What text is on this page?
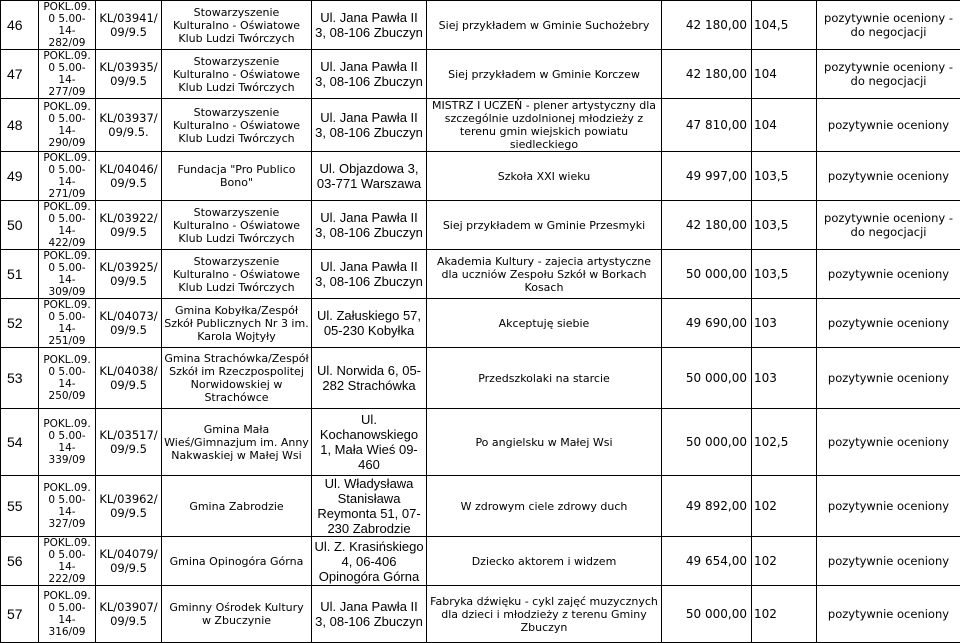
46	POKL.09.0 5.00-14-282/09	KL/03941/ 09/9.5	Stowarzyszenie Kulturalno - Oświatowe Klub Ludzi Twórczych	Ul. Jana Pawła II 3, 08-106 Zbuczyn	Siej przykładem w Gminie Suchożebry	42 180,00	104,5	pozytywnie oceniony - do negocjacji
47	POKL.09.0 5.00-14-277/09	KL/03935/ 09/9.5	Stowarzyszenie Kulturalno - Oświatowe Klub Ludzi Twórczych	Ul. Jana Pawła II 3, 08-106 Zbuczyn	Siej przykładem w Gminie Korczew	42 180,00	104	pozytywnie oceniony - do negocjacji
48	POKL.09.0 5.00-14-290/09	KL/03937/ 09/9.5.	Stowarzyszenie Kulturalno - Oświatowe Klub Ludzi Twórczych	Ul. Jana Pawła II 3, 08-106 Zbuczyn	MISTRZ I UCZEŃ - plener artystyczny dla szczególnie uzdolnionej młodzieży z terenu gmin wiejskich powiatu siedleckiego	47 810,00	104	pozytywnie oceniony
49	POKL.09.0 5.00-14-271/09	KL/04046/ 09/9.5	Fundacja "Pro Publico Bono"	Ul. Objazdowa 3, 03-771 Warszawa	Szkoła XXI wieku	49 997,00	103,5	pozytywnie oceniony
50	POKL.09.0 5.00-14-422/09	KL/03922/ 09/9.5	Stowarzyszenie Kulturalno - Oświatowe Klub Ludzi Twórczych	Ul. Jana Pawła II 3, 08-106 Zbuczyn	Siej przykładem w Gminie Przesmyki	42 180,00	103,5	pozytywnie oceniony - do negocjacji
51	POKL.09.0 5.00-14-309/09	KL/03925/ 09/9.5	Stowarzyszenie Kulturalno - Oświatowe Klub Ludzi Twórczych	Ul. Jana Pawła II 3, 08-106 Zbuczyn	Akademia Kultury - zajecia artystyczne dla uczniów Zespołu Szkół w Borkach Kosach	50 000,00	103,5	pozytywnie oceniony
52	POKL.09.0 5.00-14-251/09	KL/04073/ 09/9.5	Gmina Kobyłka/Zespół Szkół Publicznych Nr 3 im. Karola Wojtyły	Ul. Załuskiego 57, 05-230 Kobyłka	Akceptuję siebie	49 690,00	103	pozytywnie oceniony
53	POKL.09.0 5.00-14-250/09	KL/04038/ 09/9.5	Gmina Strachówka/Zespół Szkół im Rzeczpospolitej Norwidowskiej w Strachówce	Ul. Norwida 6, 05-282 Strachówka	Przedszkolaki na starcie	50 000,00	103	pozytywnie oceniony
54	POKL.09.0 5.00-14-339/09	KL/03517/ 09/9.5	Gmina Mała Wieś/Gimnazjum im. Anny Nakwaskiej w Małej Wsi	Ul. Kochanowskiego 1, Mała Wieś 09-460	Po angielsku w Małej Wsi	50 000,00	102,5	pozytywnie oceniony
55	POKL.09.0 5.00-14-327/09	KL/03962/ 09/9.5	Gmina Zabrodzie	Ul. Władysława Stanisława Reymonta 51, 07-230 Zabrodzie	W zdrowym ciele zdrowy duch	49 892,00	102	pozytywnie oceniony
56	POKL.09.0 5.00-14-222/09	KL/04079/ 09/9.5	Gmina Opinogóra Górna	Ul. Z. Krasińskiego 4, 06-406 Opinogóra Górna	Dziecko aktorem i widzem	49 654,00	102	pozytywnie oceniony
57	POKL.09.0 5.00-14-316/09	KL/03907/ 09/9.5	Gminny Ośrodek Kultury w Zbuczynie	Ul. Jana Pawła II 3, 08-106 Zbuczyn	Fabryka dźwięku - cykl zajęć muzycznych dla dzieci i młodzieży z terenu Gminy Zbuczyn	50 000,00	102	pozytywnie oceniony
